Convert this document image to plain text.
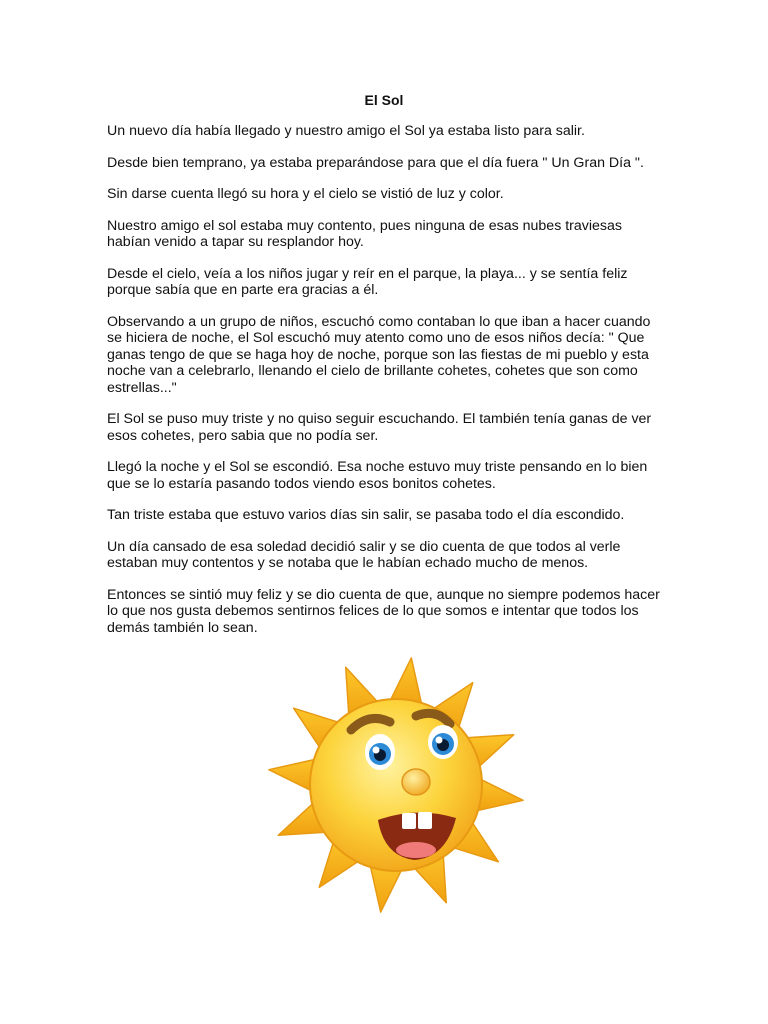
El Sol

Un nuevo día había llegado y nuestro amigo el Sol ya estaba listo para salir.

Desde bien temprano, ya estaba preparándose para que el día fuera " Un Gran Día ".

Sin darse cuenta llegó su hora y el cielo se vistió de luz y color.

Nuestro amigo el sol estaba muy contento, pues ninguna de esas nubes traviesas habían venido a tapar su resplandor hoy.

Desde el cielo, veía a los niños jugar y reír en el parque, la playa... y se sentía feliz porque sabía que en parte era gracias a él.

Observando a un grupo de niños, escuchó como contaban lo que iban a hacer cuando se hiciera de noche, el Sol escuchó muy atento como uno de esos niños decía: " Que ganas tengo de que se haga hoy de noche, porque son las fiestas de mi pueblo y esta noche van a celebrarlo, llenando el cielo de brillante cohetes, cohetes que son como estrellas..."

El Sol se puso muy triste y no quiso seguir escuchando. El también tenía ganas de ver esos cohetes, pero sabia que no podía ser.

Llegó la noche y el Sol se escondió. Esa noche estuvo muy triste pensando en lo bien que se lo estaría pasando todos viendo esos bonitos cohetes.

Tan triste estaba que estuvo varios días sin salir, se pasaba todo el día escondido.

Un día cansado de esa soledad decidió salir y se dio cuenta de que todos al verle estaban muy contentos y se notaba que le habían echado mucho de menos.

Entonces se sintió muy feliz y se dio cuenta de que, aunque no siempre podemos hacer lo que nos gusta debemos sentirnos felices de lo que somos e intentar que todos los demás también lo sean.
